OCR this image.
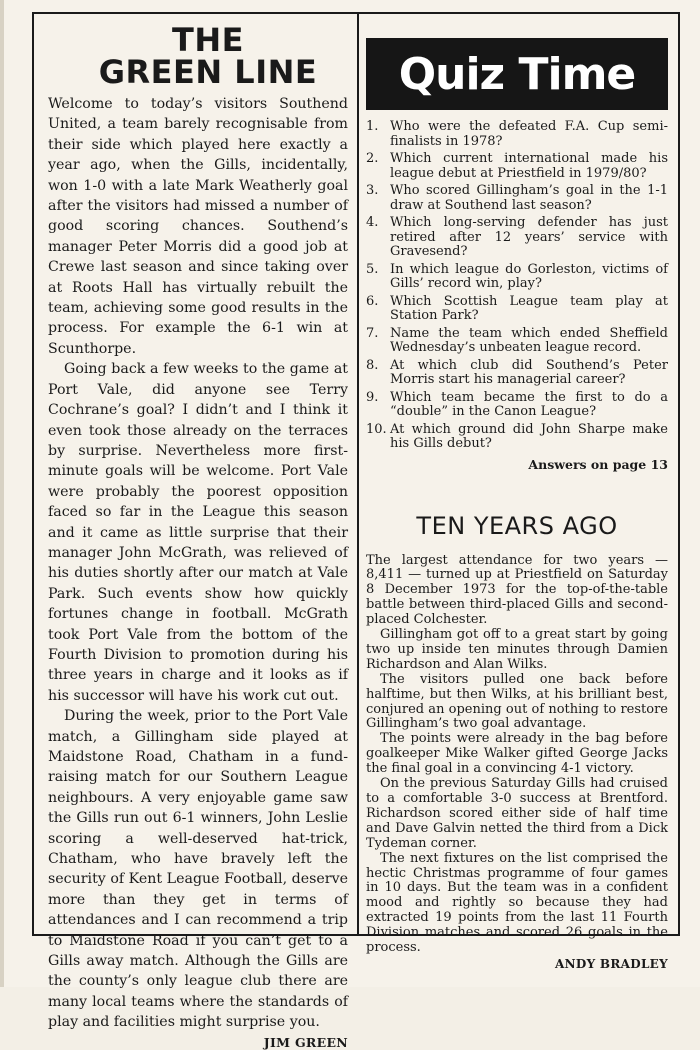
THE
GREEN LINE

Welcome to today’s visitors Southend United, a team barely recognisable from their side which played here exactly a year ago, when the Gills, incidentally, won 1-0 with a late Mark Weatherly goal after the visitors had missed a number of good scoring chances. Southend’s manager Peter Morris did a good job at Crewe last season and since taking over at Roots Hall has virtually rebuilt the team, achieving some good results in the process. For example the 6-1 win at Scunthorpe.

Going back a few weeks to the game at Port Vale, did anyone see Terry Cochrane’s goal? I didn’t and I think it even took those already on the terraces by surprise. Nevertheless more first-minute goals will be welcome. Port Vale were probably the poorest opposition faced so far in the League this season and it came as little surprise that their manager John McGrath, was relieved of his duties shortly after our match at Vale Park. Such events show how quickly fortunes change in football. McGrath took Port Vale from the bottom of the Fourth Division to promotion during his three years in charge and it looks as if his successor will have his work cut out.

During the week, prior to the Port Vale match, a Gillingham side played at Maidstone Road, Chatham in a fund-raising match for our Southern League neighbours. A very enjoyable game saw the Gills run out 6-1 winners, John Leslie scoring a well-deserved hat-trick, Chatham, who have bravely left the security of Kent League Football, deserve more than they get in terms of attendances and I can recommend a trip to Maidstone Road if you can’t get to a Gills away match. Although the Gills are the county’s only league club there are many local teams where the standards of play and facilities might surprise you.

JIM GREEN
Quiz Time
1. Who were the defeated F.A. Cup semi-finalists in 1978?
2. Which current international made his league debut at Priestfield in 1979/80?
3. Who scored Gillingham’s goal in the 1-1 draw at Southend last season?
4. Which long-serving defender has just retired after 12 years’ service with Gravesend?
5. In which league do Gorleston, victims of Gills’ record win, play?
6. Which Scottish League team play at Station Park?
7. Name the team which ended Sheffield Wednesday’s unbeaten league record.
8. At which club did Southend’s Peter Morris start his managerial career?
9. Which team became the first to do a “double” in the Canon League?
10. At which ground did John Sharpe make his Gills debut?
Answers on page 13
TEN YEARS AGO

The largest attendance for two years — 8,411 — turned up at Priestfield on Saturday 8 December 1973 for the top-of-the-table battle between third-placed Gills and second-placed Colchester.

Gillingham got off to a great start by going two up inside ten minutes through Damien Richardson and Alan Wilks.

The visitors pulled one back before halftime, but then Wilks, at his brilliant best, conjured an opening out of nothing to restore Gillingham’s two goal advantage.

The points were already in the bag before goalkeeper Mike Walker gifted George Jacks the final goal in a convincing 4-1 victory.

On the previous Saturday Gills had cruised to a comfortable 3-0 success at Brentford. Richardson scored either side of half time and Dave Galvin netted the third from a Dick Tydeman corner.

The next fixtures on the list comprised the hectic Christmas programme of four games in 10 days. But the team was in a confident mood and rightly so because they had extracted 19 points from the last 11 Fourth Division matches and scored 26 goals in the process.

ANDY BRADLEY
